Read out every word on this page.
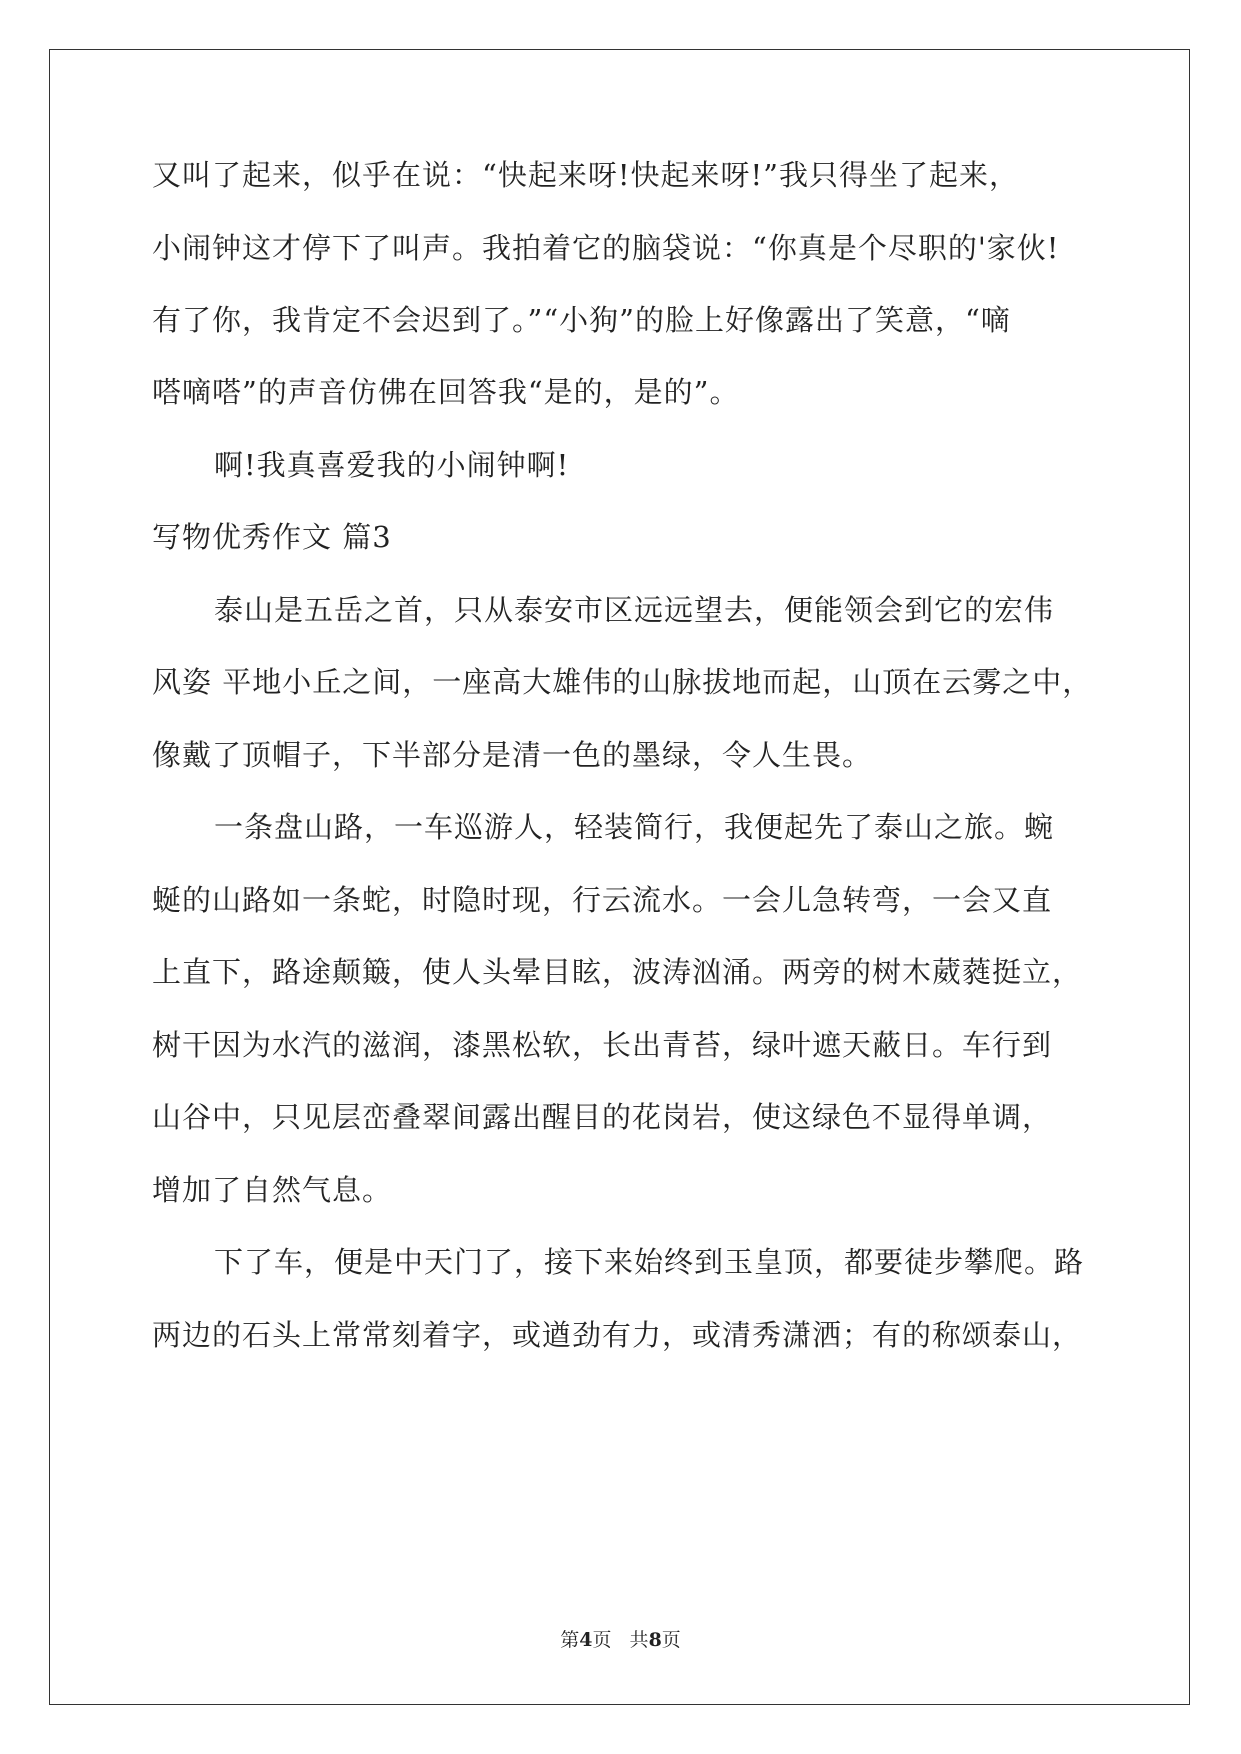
又叫了起来，似乎在说：“快起来呀!快起来呀!”我只得坐了起来，
小闹钟这才停下了叫声。我拍着它的脑袋说：“你真是个尽职的'家伙!
有了你，我肯定不会迟到了。”“小狗”的脸上好像露出了笑意，“嘀
嗒嘀嗒”的声音仿佛在回答我“是的，是的”。
啊!我真喜爱我的小闹钟啊!
写物优秀作文 篇3
泰山是五岳之首，只从泰安市区远远望去，便能领会到它的宏伟
风姿 平地小丘之间，一座高大雄伟的山脉拔地而起，山顶在云雾之中，
像戴了顶帽子，下半部分是清一色的墨绿，令人生畏。
一条盘山路，一车巡游人，轻装简行，我便起先了泰山之旅。蜿
蜒的山路如一条蛇，时隐时现，行云流水。一会儿急转弯，一会又直
上直下，路途颠簸，使人头晕目眩，波涛汹涌。两旁的树木葳蕤挺立，
树干因为水汽的滋润，漆黑松软，长出青苔，绿叶遮天蔽日。车行到
山谷中，只见层峦叠翠间露出醒目的花岗岩，使这绿色不显得单调，
增加了自然气息。
下了车，便是中天门了，接下来始终到玉皇顶，都要徒步攀爬。路
两边的石头上常常刻着字，或遒劲有力，或清秀潇洒；有的称颂泰山，
第4页   共8页
